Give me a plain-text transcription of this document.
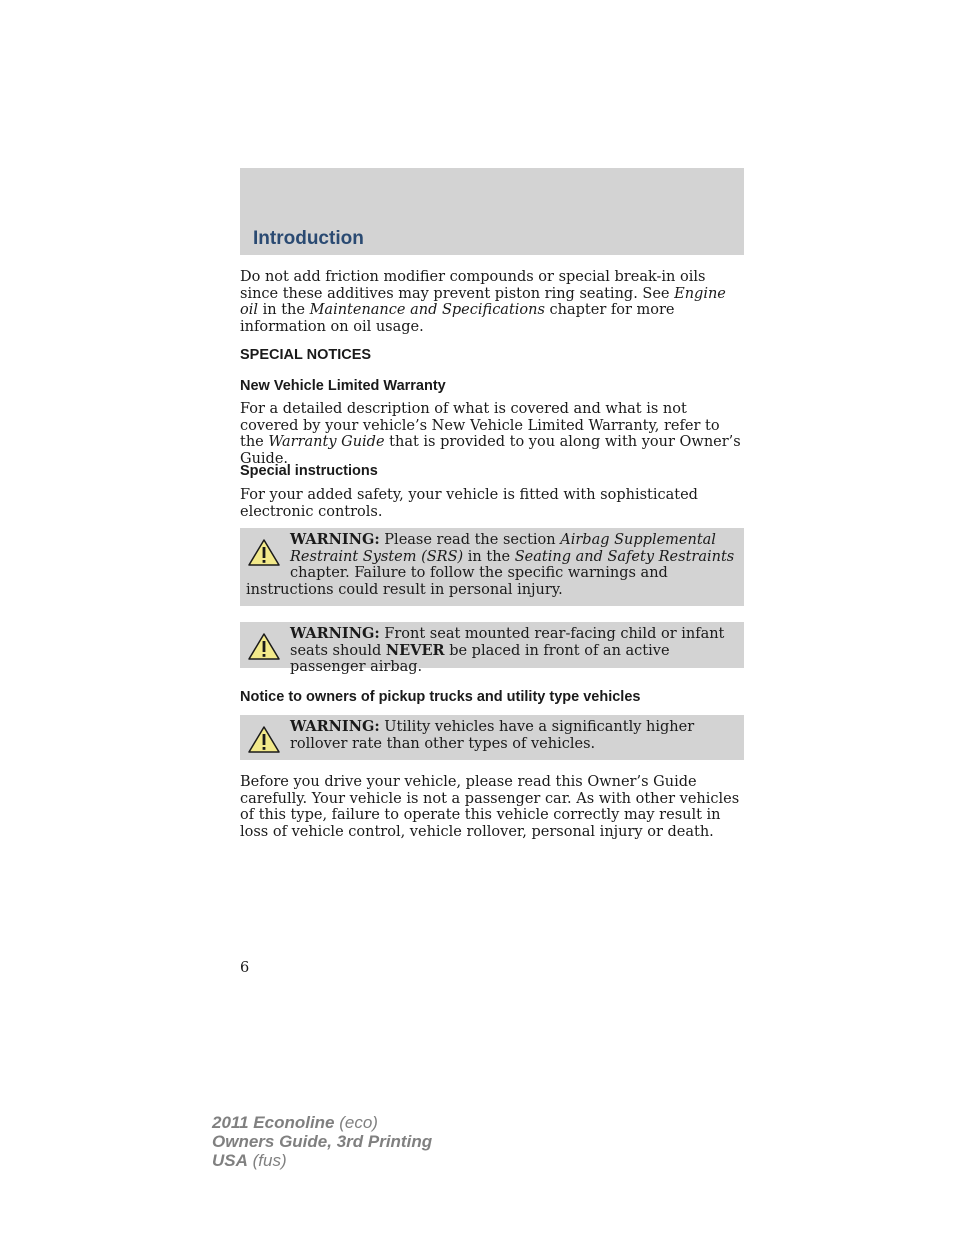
Introduction

Do not add friction modifier compounds or special break-in oils since these additives may prevent piston ring seating. See Engine oil in the Maintenance and Specifications chapter for more information on oil usage.

SPECIAL NOTICES
New Vehicle Limited Warranty

For a detailed description of what is covered and what is not covered by your vehicle’s New Vehicle Limited Warranty, refer to the Warranty Guide that is provided to you along with your Owner’s Guide.

Special instructions

For your added safety, your vehicle is fitted with sophisticated electronic controls.

WARNING: Please read the section Airbag Supplemental Restraint System (SRS) in the Seating and Safety Restraints chapter. Failure to follow the specific warnings and instructions could result in personal injury.
WARNING: Front seat mounted rear-facing child or infant seats should NEVER be placed in front of an active passenger airbag.
Notice to owners of pickup trucks and utility type vehicles
WARNING: Utility vehicles have a significantly higher rollover rate than other types of vehicles.

Before you drive your vehicle, please read this Owner’s Guide carefully. Your vehicle is not a passenger car. As with other vehicles of this type, failure to operate this vehicle correctly may result in loss of vehicle control, vehicle rollover, personal injury or death.

6
2011 Econoline (eco)
Owners Guide, 3rd Printing
USA (fus)
